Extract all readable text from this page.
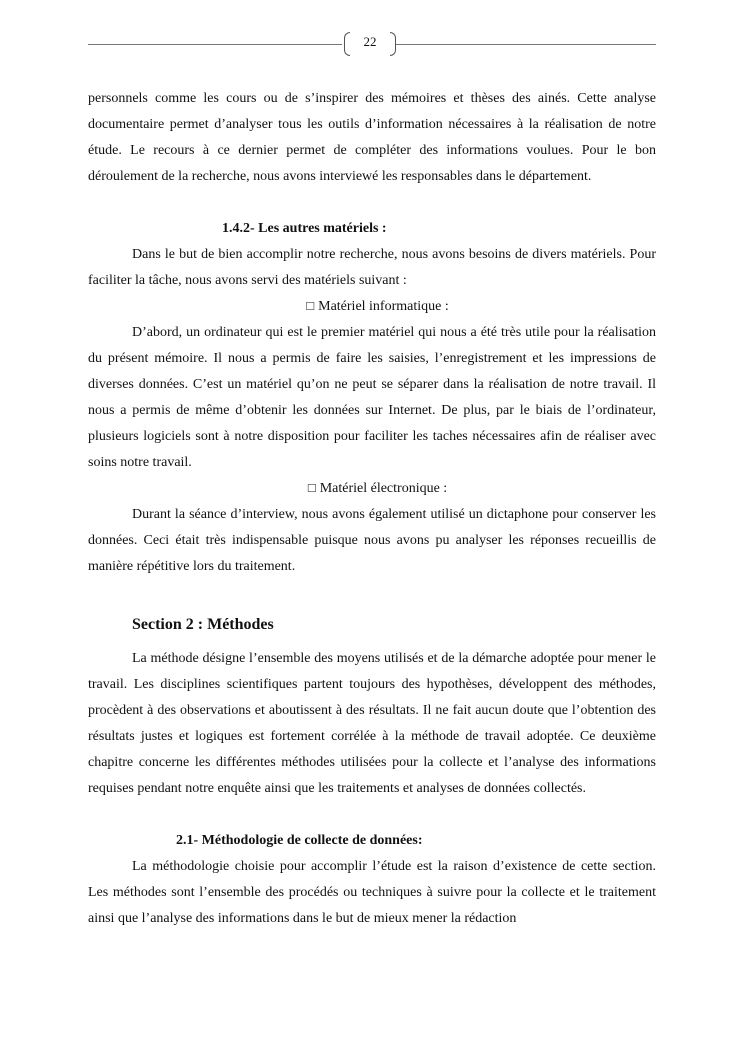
22

personnels comme les cours ou de s’inspirer des mémoires et thèses des ainés. Cette analyse documentaire permet d’analyser tous les outils d’information nécessaires à la réalisation de notre étude. Le recours à ce dernier permet de compléter des informations voulues. Pour le bon déroulement de la recherche, nous avons interviewé les responsables dans le département.

1.4.2- Les autres matériels :

Dans le but de bien accomplir notre recherche, nous avons besoins de divers matériels. Pour faciliter la tâche, nous avons servi des matériels suivant :

☐ Matériel informatique :

D’abord, un ordinateur qui est le premier matériel qui nous a été très utile pour la réalisation du présent mémoire. Il nous a permis de faire les saisies, l’enregistrement et les impressions de diverses données. C’est un matériel qu’on ne peut se séparer dans la réalisation de notre travail. Il nous a permis de même d’obtenir les données sur Internet. De plus, par le biais de l’ordinateur, plusieurs logiciels sont à notre disposition pour faciliter les taches nécessaires afin de réaliser avec soins notre travail.

☐ Matériel électronique :

Durant la séance d’interview, nous avons également utilisé un dictaphone pour conserver les données. Ceci était très indispensable puisque nous avons pu analyser les réponses recueillis de manière répétitive lors du traitement.

Section 2 : Méthodes

La méthode désigne l’ensemble des moyens utilisés et de la démarche adoptée pour mener le travail. Les disciplines scientifiques partent toujours des hypothèses, développent des méthodes, procèdent à des observations et aboutissent à des résultats. Il ne fait aucun doute que l’obtention des résultats justes et logiques est fortement corrélée à la méthode de travail adoptée. Ce deuxième chapitre concerne les différentes méthodes utilisées pour la collecte et l’analyse des informations requises pendant notre enquête ainsi que les traitements et analyses de données collectés.

2.1- Méthodologie de collecte de données:

La méthodologie choisie pour accomplir l’étude est la raison d’existence de cette section. Les méthodes sont l’ensemble des procédés ou techniques à suivre pour la collecte et le traitement ainsi que l’analyse des informations dans le but de mieux mener la rédaction
